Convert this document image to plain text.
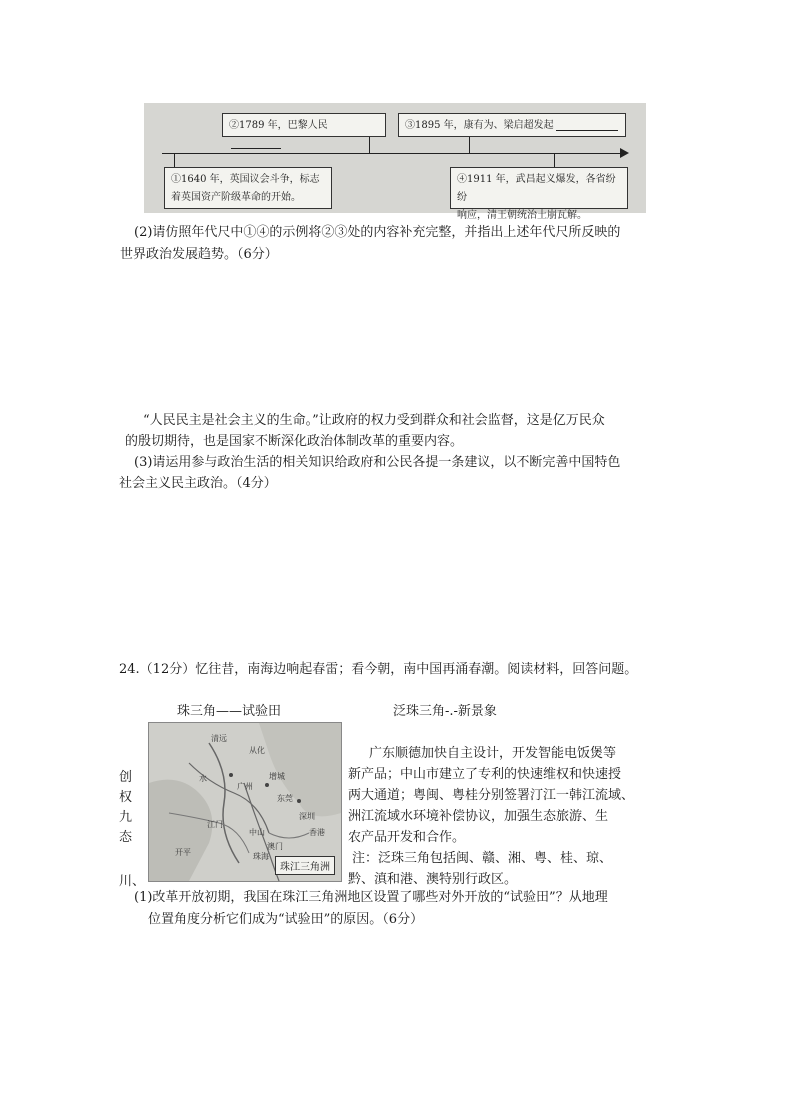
②1789 年，巴黎人民	③1895 年，康有为、梁启超发起
①1640 年，英国议会斗争，标志
着英国资产阶级革命的开始。
④1911 年，武昌起义爆发，各省纷纷
响应，清王朝统治土崩瓦解。
(2)请仿照年代尺中①④的示例将②③处的内容补充完整，并指出上述年代尺所反映的
世界政治发展趋势。（6分）
“人民民主是社会主义的生命。”让政府的权力受到群众和社会监督，这是亿万民众
的殷切期待，也是国家不断深化政治体制改革的重要内容。
(3)请运用参与政治生活的相关知识给政府和公民各提一条建议，以不断完善中国特色
社会主义民主政治。（4分）
24.（12分）忆往昔，南海边响起春雷；看今朝，南中国再涌春潮。阅读材料，回答问题。
珠三角——试验田	泛珠三角-.-新景象
清远
从化
增城
广州
东莞
江门
中山
珠海
澳门
香港
深圳
开平
水
珠江三角洲
创
权
九
态
川、
广东顺德加快自主设计，开发智能电饭煲等
新产品；中山市建立了专利的快速维权和快速授
两大通道；粤闽、粤桂分别签署汀江一韩江流域、
洲江流域水环境补偿协议，加强生态旅游、生
农产品开发和合作。
注：泛珠三角包括闽、赣、湘、粤、桂、琼、
黔、滇和港、澳特别行政区。
(1)改革开放初期，我国在珠江三角洲地区设置了哪些对外开放的“试验田”？从地理
位置角度分析它们成为“试验田”的原因。（6分）
